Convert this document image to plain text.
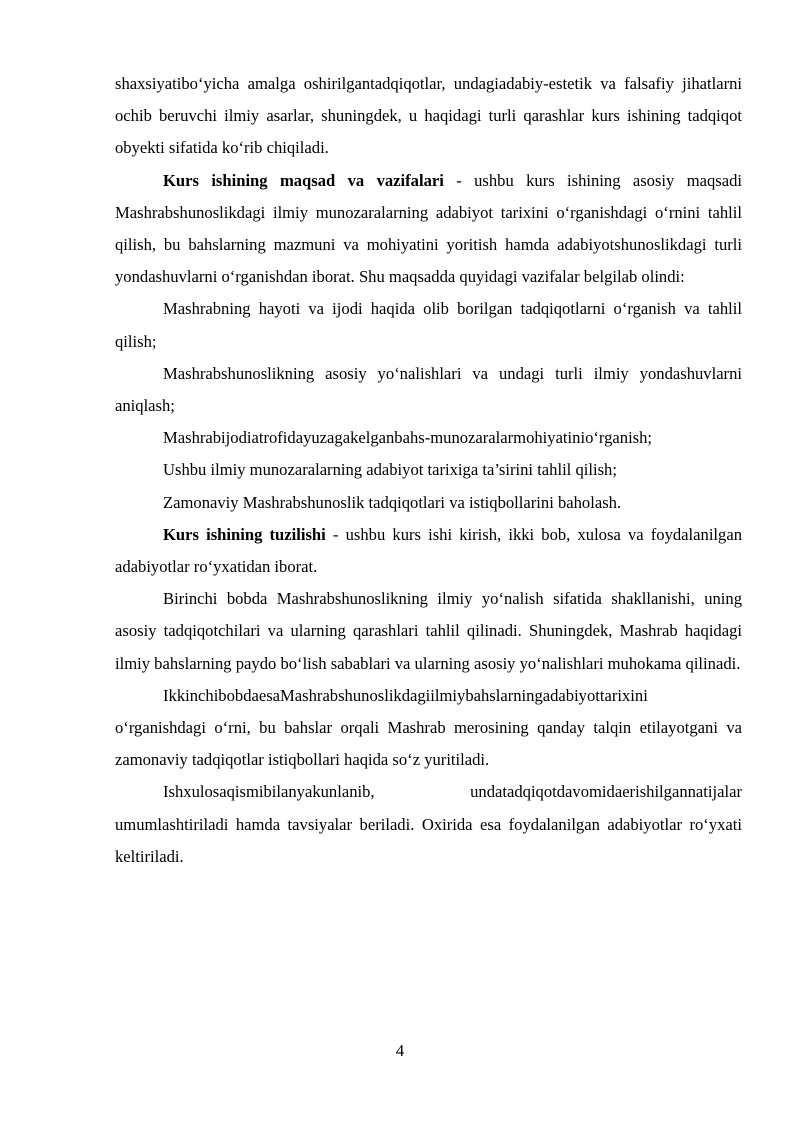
shaxsiyatibo‘yicha amalga oshirilgantadqiqotlar, undagiadabiy-estetik va falsafiy jihatlarni ochib beruvchi ilmiy asarlar, shuningdek, u haqidagi turli qarashlar kurs ishining tadqiqot obyekti sifatida ko‘rib chiqiladi.

Kurs ishining maqsad va vazifalari - ushbu kurs ishining asosiy maqsadi Mashrabshunoslikdagi ilmiy munozaralarning adabiyot tarixini o‘rganishdagi o‘rnini tahlil qilish, bu bahslarning mazmuni va mohiyatini yoritish hamda adabiyotshunoslikdagi turli yondashuvlarni o‘rganishdan iborat. Shu maqsadda quyidagi vazifalar belgilab olindi:

Mashrabning hayoti va ijodi haqida olib borilgan tadqiqotlarni o‘rganish va tahlil qilish;

Mashrabshunoslikning asosiy yo‘nalishlari va undagi turli ilmiy yondashuvlarni aniqlash;

Mashrabijodiatrofidayuzagakelganbahs-munozaralarmohiyatinio‘rganish;

Ushbu ilmiy munozaralarning adabiyot tarixiga ta’sirini tahlil qilish;

Zamonaviy Mashrabshunoslik tadqiqotlari va istiqbollarini baholash.

Kurs ishining tuzilishi - ushbu kurs ishi kirish, ikki bob, xulosa va foydalanilgan adabiyotlar ro‘yxatidan iborat.

Birinchi bobda Mashrabshunoslikning ilmiy yo‘nalish sifatida shakllanishi, uning asosiy tadqiqotchilari va ularning qarashlari tahlil qilinadi. Shuningdek, Mashrab haqidagi ilmiy bahslarning paydo bo‘lish sabablari va ularning asosiy yo‘nalishlari muhokama qilinadi.

IkkinchibobdaesaMashrabshunoslikdagiilmiybahslarningadabiyottarixini o‘rganishdagi o‘rni, bu bahslar orqali Mashrab merosining qanday talqin etilayotgani va zamonaviy tadqiqotlar istiqbollari haqida so‘z yuritiladi.

Ishxulosaqismibilanyakunlanib, undatadqiqotdavomidaerishilgannatijalar umumlashtiriladi hamda tavsiyalar beriladi. Oxirida esa foydalanilgan adabiyotlar ro‘yxati keltiriladi.

4
